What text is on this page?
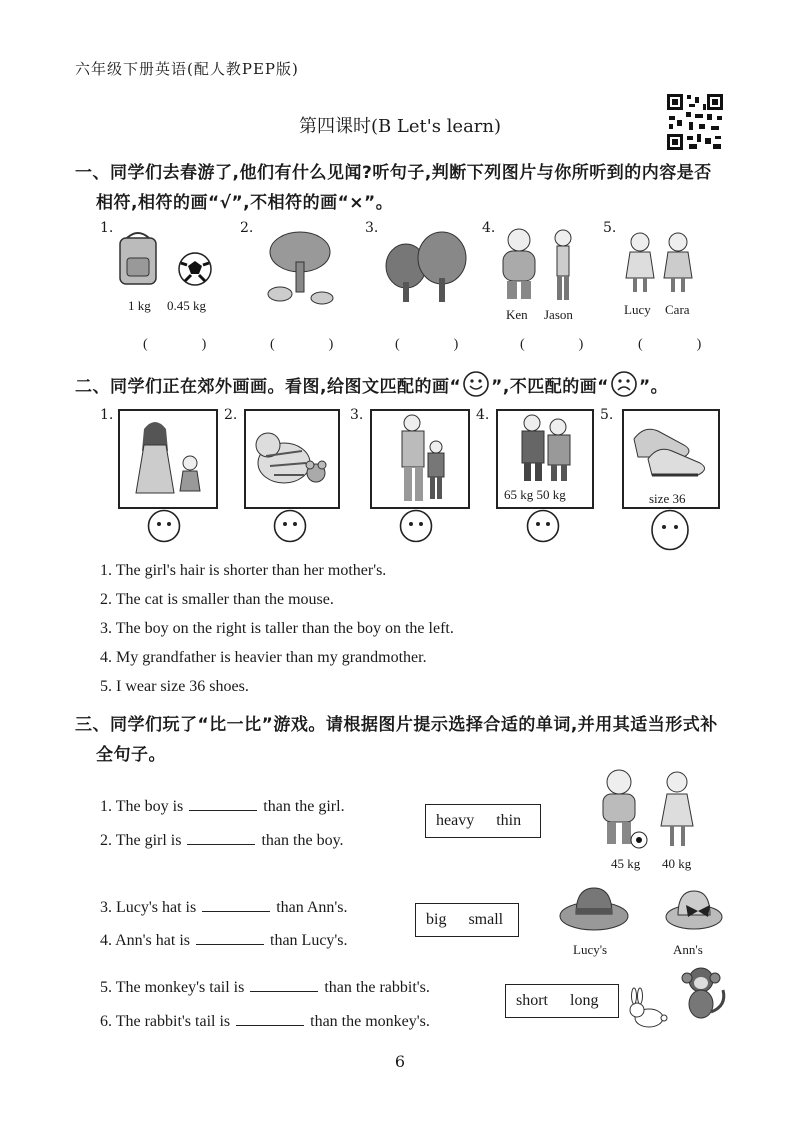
六年级下册英语(配人教PEP版)
第四课时(B Let's learn)
一、同学们去春游了,他们有什么见闻?听句子,判断下列图片与你所听到的内容是否
相符,相符的画“√”,不相符的画“×”。
1.
1 kg 0.45 kg
(　)
2.
(　)
3.
(　)
4.
Ken Jason
(　)
5.
Lucy Cara
(　)
二、同学们正在郊外画画。看图,给图文匹配的画“ ”,不匹配的画“ ”。
1.	2.	3.	4.
65 kg 50 kg
5.
size 36
1. The girl's hair is shorter than her mother's.
2. The cat is smaller than the mouse.
3. The boy on the right is taller than the boy on the left.
4. My grandfather is heavier than my grandmother.
5. I wear size 36 shoes.
三、同学们玩了“比一比”游戏。请根据图片提示选择合适的单词,并用其适当形式补
全句子。
1. The boy is	than the girl.
2. The girl is	than the boy.
heavy thin
45 kg 40 kg
3. Lucy's hat is	than Ann's.
4. Ann's hat is	than Lucy's.
big small
Lucy's	Ann's
5. The monkey's tail is	than the rabbit's.
6. The rabbit's tail is	than the monkey's.
short long
6
